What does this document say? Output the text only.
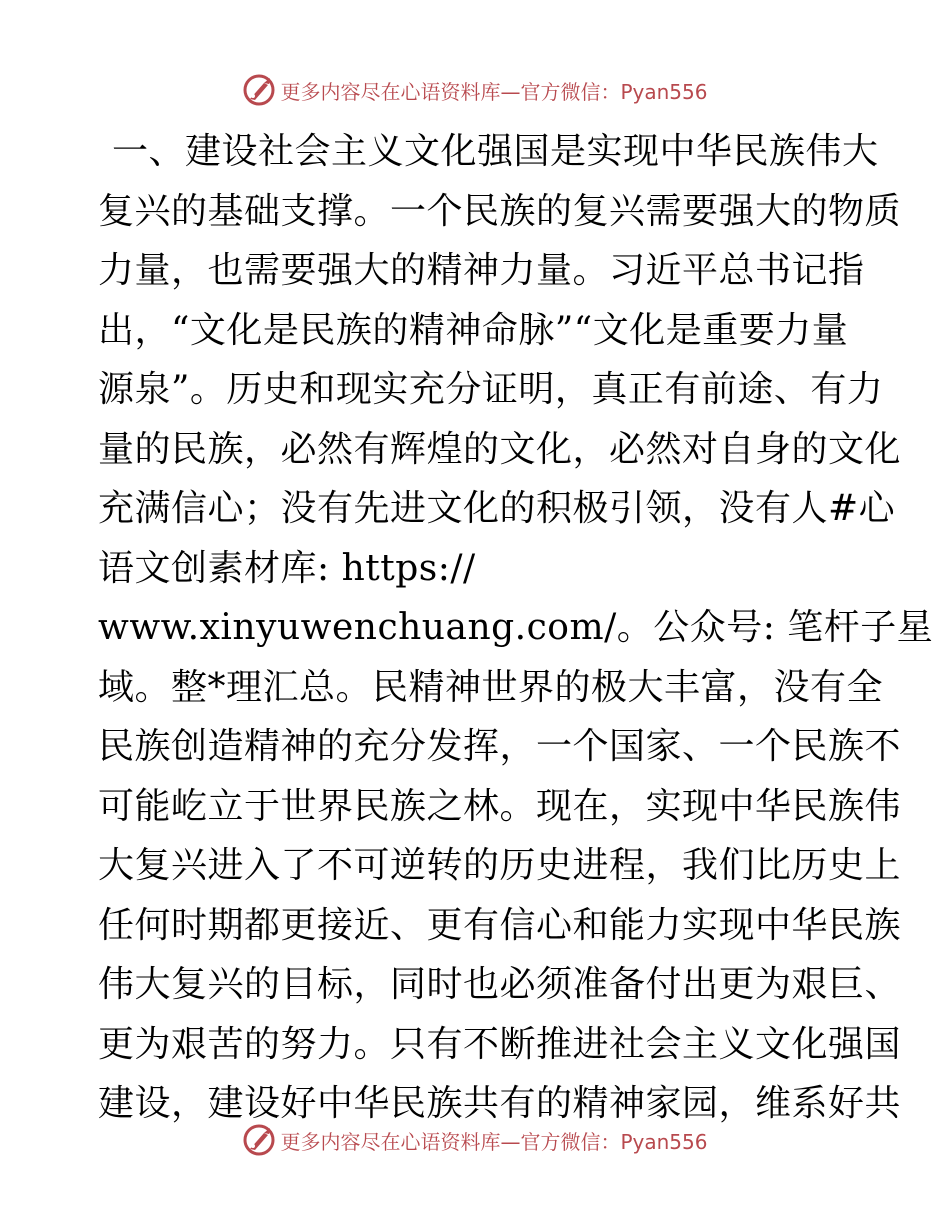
更多内容尽在心语资料库—官方微信：Pyan556
一、建设社会主义文化强国是实现中华民族伟大
复兴的基础支撑。一个民族的复兴需要强大的物质
力量，也需要强大的精神力量。习近平总书记指
出，“文化是民族的精神命脉”“文化是重要力量
源泉”。历史和现实充分证明，真正有前途、有力
量的民族，必然有辉煌的文化，必然对自身的文化
充满信心；没有先进文化的积极引领，没有人#心
语文创素材库: https://
www.xinyuwenchuang.com/。公众号: 笔杆子星
域。整*理汇总。民精神世界的极大丰富，没有全
民族创造精神的充分发挥，一个国家、一个民族不
可能屹立于世界民族之林。现在，实现中华民族伟
大复兴进入了不可逆转的历史进程，我们比历史上
任何时期都更接近、更有信心和能力实现中华民族
伟大复兴的目标，同时也必须准备付出更为艰巨、
更为艰苦的努力。只有不断推进社会主义文化强国
建设，建设好中华民族共有的精神家园，维系好共
更多内容尽在心语资料库—官方微信：Pyan556
